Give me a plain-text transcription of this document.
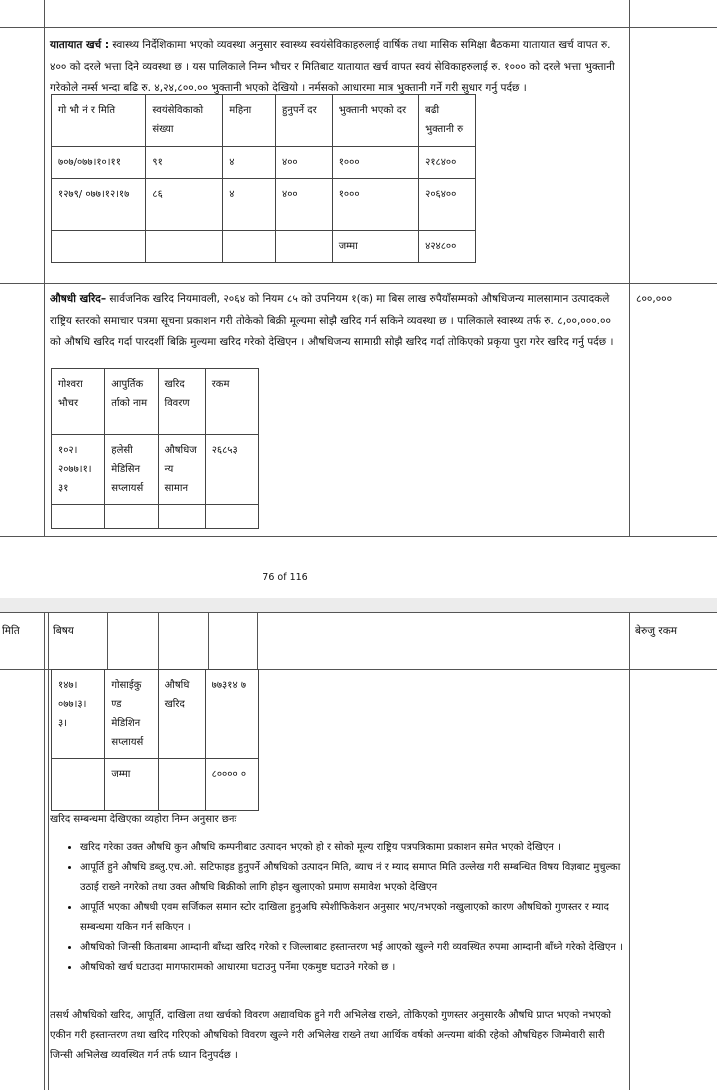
यातायात खर्च : स्वास्थ्य निर्देशिकामा भएको व्यवस्था अनुसार स्वास्थ्य स्वयंसेविकाहरुलाई वार्षिक तथा मासिक समिक्षा बैठकमा यातायात खर्च वापत रु. ४०० को दरले भत्ता दिने व्यवस्था छ । यस पालिकाले निम्न भौचर र मितिबाट यातायात खर्च वापत स्वयं सेविकाहरुलाई रु. १००० को दरले भत्ता भुक्तानी गरेकोले नर्म्स भन्दा बढि रु. ४,२४,८००.०० भुक्तानी भएको देखियो । नर्मसको आधारमा मात्र भुक्तानी गर्ने गरी सुधार गर्नु पर्दछ ।
गो भौ नं र मिति	स्वयंसेविकाको संख्या	महिना	हुनुपर्ने दर	भुक्तानी भएको दर	बढी भुक्तानी रु
७०७/०७७।१०।११	९१	४	४००	१०००	२१८४००
१२७९/ ०७७।१२।१७	८६	४	४००	१०००	२०६४००
				जम्मा	४२४८००
औषधी खरिद– सार्वजनिक खरिद नियमावली, २०६४ को नियम ८५ को उपनियम १(क) मा बिस लाख रुपैयाँसम्मको औषधिजन्य मालसामान उत्पादकले राष्ट्रिय स्तरको समाचार पत्रमा सूचना प्रकाशन गरी तोकेको बिक्री मूल्यमा सोझै खरिद गर्न सकिने व्यवस्था छ । पालिकाले स्वास्थ्य तर्फ रु. ८,००,०००.०० को औषधि खरिद गर्दा पारदर्शी बिक्रि मुल्यमा खरिद गरेको देखिएन । औषधिजन्य सामाग्री सोझै खरिद गर्दा तोकिएको प्रकृया पुरा गरेर खरिद गर्नु पर्दछ ।
८००,०००
गोश्वरा भौचर	आपुर्तिक र्ताको नाम	खरिद विवरण	रकम
१०२। २०७७।१। ३१	हलेसी मेडिसिन सप्लायर्स	औषधिज न्य सामान	२६८५३

76 of 116
मिति	बिषय	बेरुजु रकम
१४७। ०७७।३। ३।	गोसाईकु ण्ड मेडिशिन सप्लायर्स	औषधि खरिद	७७३१४ ७
	जम्मा		८०००० ०
खरिद सम्बन्धमा देखिएका व्यहोरा निम्न अनुसार छनः
• खरिद गरेका उक्त औषधि कुन औषधि कम्पनीबाट उत्पादन भएको हो र सोको मूल्य राष्ट्रिय पत्रपत्रिकामा प्रकाशन समेत भएको देखिएन ।
• आपूर्ति हुने औषधि डब्लु.एच.ओ. सटिफाइड हुनुपर्ने औषधिको उत्पादन मिति, ब्याच नं र म्याद समाप्त मिति उल्लेख गरी सम्बन्धित विषय विज्ञबाट मुचुल्का उठाई राख्ने नगरेको तथा उक्त औषधि बिक्रीको लागि होइन खुलाएको प्रमाण समावेश भएको देखिएन
• आपूर्ति भएका औषधी एवम सर्जिकल समान स्टोर दाखिला हुनुअघि स्पेशीफिकेशन अनुसार भए/नभएको नखुलाएको कारण औषधिको गुणस्तर र म्याद सम्बन्धमा यकिन गर्न सकिएन ।
• औषधिको जिन्सी किताबमा आम्दानी बाँध्दा खरिद गरेको र जिल्लाबाट हस्तान्तरण भई आएको खुल्ने गरी व्यवस्थित रुपमा आम्दानी बाँध्ने गरेको देखिएन ।
• औषधिको खर्च घटाउदा मागफारामको आधारमा घटाउनु पर्नेमा एकमुष्ट घटाउने गरेको छ ।
तसर्थ औषधिको खरिद, आपूर्ति, दाखिला तथा खर्चको विवरण अद्यावधिक हुने गरी अभिलेख राख्ने, तोकिएको गुणस्तर अनुसारकै औषधि प्राप्त भएको नभएको एकीन गरी हस्तान्तरण तथा खरिद गरिएको औषधिको विवरण खुल्ने गरी अभिलेख राख्ने तथा आर्थिक वर्षको अन्त्यमा बांकी रहेको औषधिहरु जिम्मेवारी सारी जिन्सी अभिलेख व्यवस्थित गर्न तर्फ ध्यान दिनुपर्दछ ।
